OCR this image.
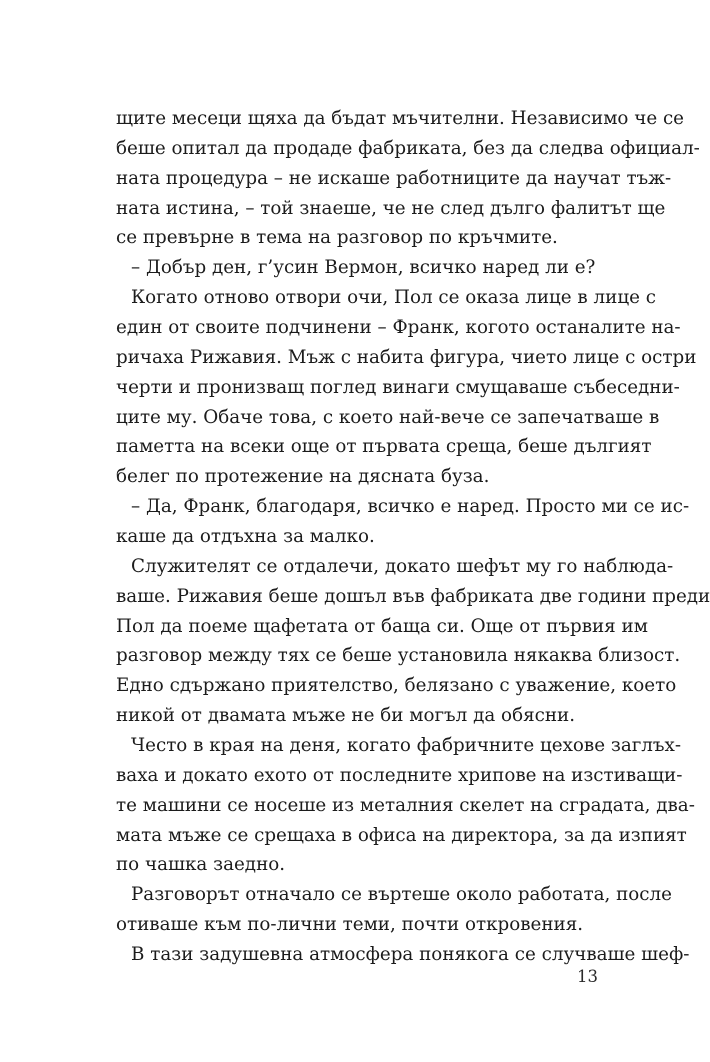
щите месеци щяха да бъдат мъчителни. Независимо че се
беше опитал да продаде фабриката, без да следва официал-
ната процедура – не искаше работниците да научат тъж-
ната истина, – той знаеше, че не след дълго фалитът ще
се превърне в тема на разговор по кръчмите.
– Добър ден, г’усин Вермон, всичко наред ли е?
Когато отново отвори очи, Пол се оказа лице в лице с
един от своите подчинени – Франк, когото останалите на-
ричаха Рижавия. Мъж с набита фигура, чието лице с остри
черти и пронизващ поглед винаги смущаваше събеседни-
ците му. Обаче това, с което най-вече се запечатваше в
паметта на всеки още от първата среща, беше дългият
белег по протежение на дясната буза.
– Да, Франк, благодаря, всичко е наред. Просто ми се ис-
каше да отдъхна за малко.
Служителят се отдалечи, докато шефът му го наблюда-
ваше. Рижавия беше дошъл във фабриката две години преди
Пол да поеме щафетата от баща си. Още от първия им
разговор между тях се беше установила някаква близост.
Едно сдържано приятелство, белязано с уважение, което
никой от двамата мъже не би могъл да обясни.
Често в края на деня, когато фабричните цехове заглъх-
ваха и докато ехото от последните хрипове на изстиващи-
те машини се носеше из металния скелет на сградата, два-
мата мъже се срещаха в офиса на директора, за да изпият
по чашка заедно.
Разговорът отначало се въртеше около работата, после
отиваше към по-лични теми, почти откровения.
В тази задушевна атмосфера понякога се случваше шеф-
13
